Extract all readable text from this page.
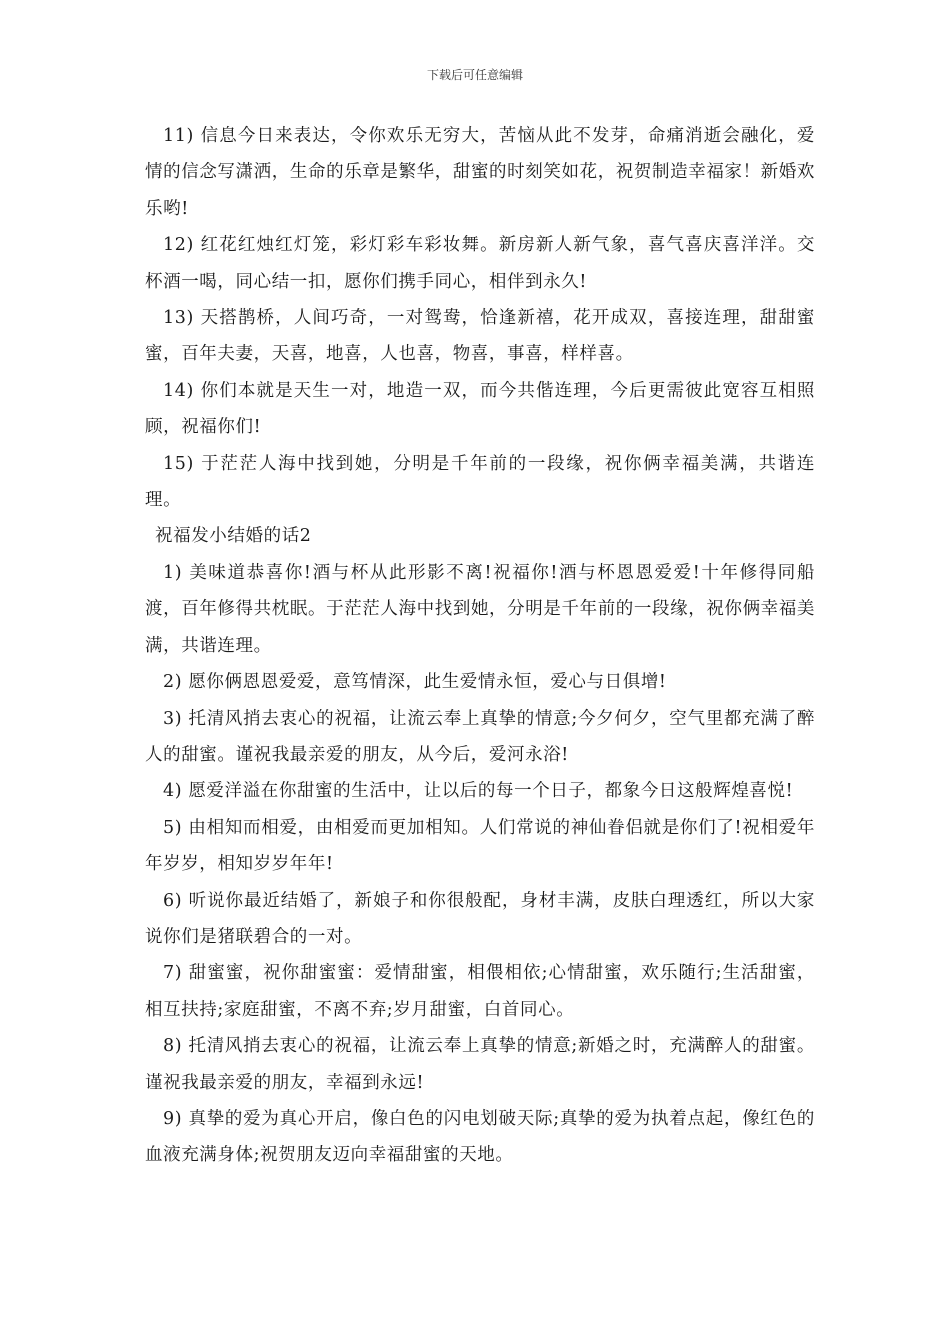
下载后可任意编辑

11) 信息今日来表达，令你欢乐无穷大，苦恼从此不发芽，命痛消逝会融化，爱情的信念写潇洒，生命的乐章是繁华，甜蜜的时刻笑如花，祝贺制造幸福家！新婚欢乐哟!

12) 红花红烛红灯笼，彩灯彩车彩妆舞。新房新人新气象，喜气喜庆喜洋洋。交杯酒一喝，同心结一扣，愿你们携手同心，相伴到永久!

13) 天搭鹊桥，人间巧奇，一对鸳鸯，恰逢新禧，花开成双，喜接连理，甜甜蜜蜜，百年夫妻，天喜，地喜，人也喜，物喜，事喜，样样喜。

14) 你们本就是天生一对，地造一双，而今共偕连理，今后更需彼此宽容互相照顾，祝福你们!

15) 于茫茫人海中找到她，分明是千年前的一段缘，祝你俩幸福美满，共谐连理。

祝福发小结婚的话2

1) 美味道恭喜你!酒与杯从此形影不离!祝福你!酒与杯恩恩爱爱!十年修得同船渡，百年修得共枕眠。于茫茫人海中找到她，分明是千年前的一段缘，祝你俩幸福美满，共谐连理。

2) 愿你俩恩恩爱爱，意笃情深，此生爱情永恒，爱心与日俱增!

3) 托清风捎去衷心的祝福，让流云奉上真挚的情意;今夕何夕，空气里都充满了醉人的甜蜜。谨祝我最亲爱的朋友，从今后，爱河永浴!

4) 愿爱洋溢在你甜蜜的生活中，让以后的每一个日子，都象今日这般辉煌喜悦!

5) 由相知而相爱，由相爱而更加相知。人们常说的神仙眷侣就是你们了!祝相爱年年岁岁，相知岁岁年年!

6) 听说你最近结婚了，新娘子和你很般配，身材丰满，皮肤白理透红，所以大家说你们是猪联碧合的一对。

7) 甜蜜蜜，祝你甜蜜蜜：爱情甜蜜，相偎相依;心情甜蜜，欢乐随行;生活甜蜜，相互扶持;家庭甜蜜，不离不弃;岁月甜蜜，白首同心。

8) 托清风捎去衷心的祝福，让流云奉上真挚的情意;新婚之时，充满醉人的甜蜜。谨祝我最亲爱的朋友，幸福到永远!

9) 真挚的爱为真心开启，像白色的闪电划破天际;真挚的爱为执着点起，像红色的血液充满身体;祝贺朋友迈向幸福甜蜜的天地。
